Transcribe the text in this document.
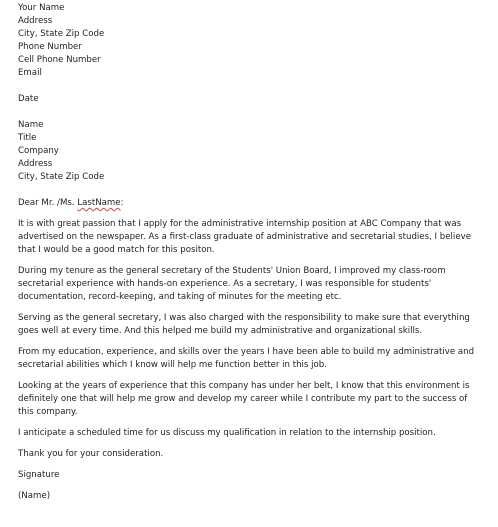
Your Name
Address
City, State Zip Code
Phone Number
Cell Phone Number
Email
Date
Name
Title
Company
Address
City, State Zip Code
Dear Mr. /Ms. LastName:

It is with great passion that I apply for the administrative internship position at ABC Company that was advertised on the newspaper. As a first-class graduate of administrative and secretarial studies, I believe that I would be a good match for this positon.

During my tenure as the general secretary of the Students' Union Board, I improved my class-room secretarial experience with hands-on experience. As a secretary, I was responsible for students' documentation, record-keeping, and taking of minutes for the meeting etc.

Serving as the general secretary, I was also charged with the responsibility to make sure that everything goes well at every time. And this helped me build my administrative and organizational skills.

From my education, experience, and skills over the years I have been able to build my administrative and secretarial abilities which I know will help me function better in this job.

Looking at the years of experience that this company has under her belt, I know that this environment is definitely one that will help me grow and develop my career while I contribute my part to the success of this company.

I anticipate a scheduled time for us discuss my qualification in relation to the internship position.

Thank you for your consideration.

Signature
(Name)
